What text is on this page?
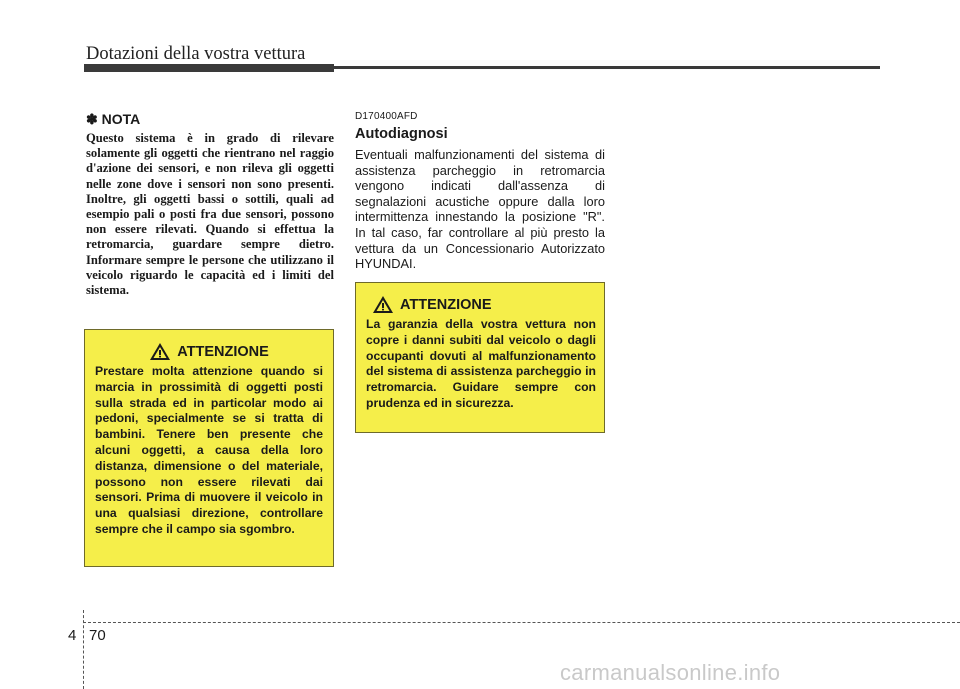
Dotazioni della vostra vettura
✽ NOTA
Questo sistema è in grado di rilevare solamente gli oggetti che rientrano nel raggio d'azione dei sensori, e non rileva gli oggetti nelle zone dove i sensori non sono presenti. Inoltre, gli oggetti bassi o sottili, quali ad esempio pali o posti fra due sensori, possono non essere rilevati. Quando si effettua la retromarcia, guardare sempre dietro. Informare sempre le persone che utilizzano il veicolo riguardo le capacità ed i limiti del sistema.
ATTENZIONE
Prestare molta attenzione quando si marcia in prossimità di oggetti posti sulla strada ed in particolar modo ai pedoni, specialmente se si tratta di bambini. Tenere ben presente che alcuni oggetti, a causa della loro distanza, dimensione o del materiale, possono non essere rilevati dai sensori. Prima di muovere il veicolo in una qualsiasi direzione, controllare sempre che il campo sia sgombro.
D170400AFD
Autodiagnosi
Eventuali malfunzionamenti del sistema di assistenza parcheggio in retromarcia vengono indicati dall'assenza di segnalazioni acustiche oppure dalla loro intermittenza innestando la posizione "R". In tal caso, far controllare al più presto la vettura da un Concessionario Autorizzato HYUNDAI.
ATTENZIONE
La garanzia della vostra vettura non copre i danni subiti dal veicolo o dagli occupanti dovuti al malfunzionamento del sistema di assistenza parcheggio in retromarcia. Guidare sempre con prudenza ed in sicurezza.
4 70
carmanualsonline.info
